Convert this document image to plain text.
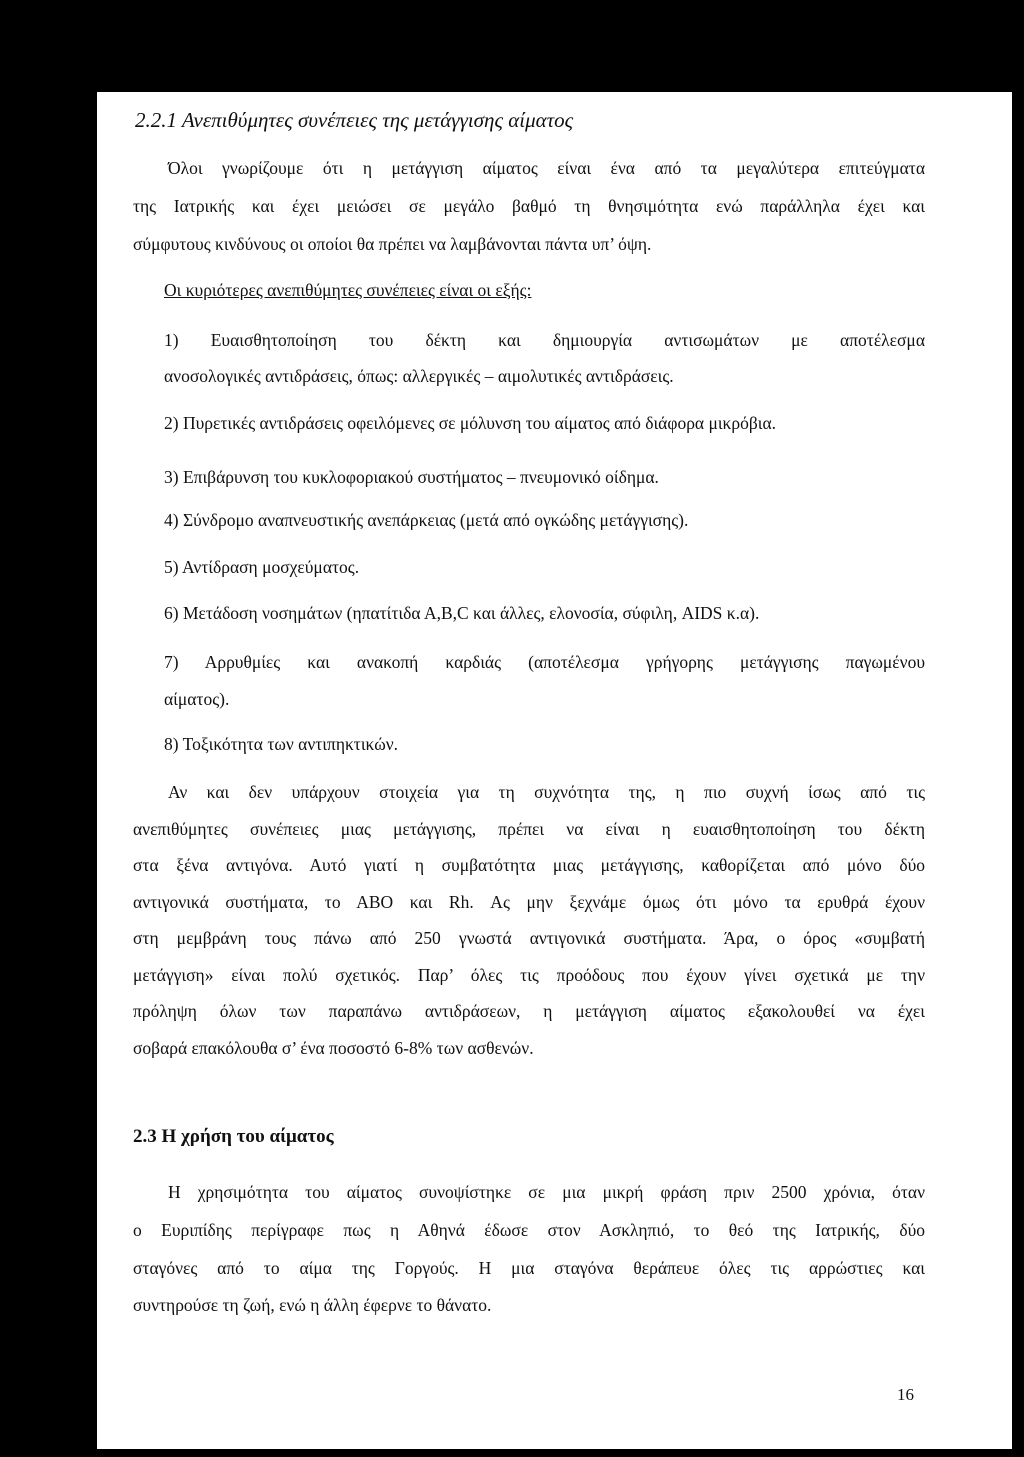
2.2.1 Ανεπιθύμητες συνέπειες της μετάγγισης αίματος
Όλοι γνωρίζουμε ότι η μετάγγιση αίματος είναι ένα από τα μεγαλύτερα επιτεύγματα
της Ιατρικής και έχει μειώσει σε μεγάλο βαθμό τη θνησιμότητα ενώ παράλληλα έχει και
σύμφυτους κινδύνους οι οποίοι θα πρέπει να λαμβάνονται πάντα υπ’ όψη.
Οι κυριότερες ανεπιθύμητες συνέπειες είναι οι εξής:
1) Ευαισθητοποίηση του δέκτη και δημιουργία αντισωμάτων με αποτέλεσμα
ανοσολογικές αντιδράσεις, όπως: αλλεργικές – αιμολυτικές αντιδράσεις.
2) Πυρετικές αντιδράσεις οφειλόμενες σε μόλυνση του αίματος από διάφορα μικρόβια.
3) Επιβάρυνση του κυκλοφοριακού συστήματος – πνευμονικό οίδημα.
4) Σύνδρομο αναπνευστικής ανεπάρκειας (μετά από ογκώδης μετάγγισης).
5) Αντίδραση μοσχεύματος.
6) Μετάδοση νοσημάτων (ηπατίτιδα Α,Β,C και άλλες, ελονοσία, σύφιλη, AIDS κ.α).
7) Αρρυθμίες και ανακοπή καρδιάς (αποτέλεσμα γρήγορης μετάγγισης παγωμένου
αίματος).
8) Τοξικότητα των αντιπηκτικών.
Αν και δεν υπάρχουν στοιχεία για τη συχνότητα της, η πιο συχνή ίσως από τις
ανεπιθύμητες συνέπειες μιας μετάγγισης, πρέπει να είναι η ευαισθητοποίηση του δέκτη
στα ξένα αντιγόνα. Αυτό γιατί η συμβατότητα μιας μετάγγισης, καθορίζεται από μόνο δύο
αντιγονικά συστήματα, το ΑΒΟ και Rh. Ας μην ξεχνάμε όμως ότι μόνο τα ερυθρά έχουν
στη μεμβράνη τους πάνω από 250 γνωστά αντιγονικά συστήματα. Άρα, ο όρος «συμβατή
μετάγγιση» είναι πολύ σχετικός. Παρ’ όλες τις προόδους που έχουν γίνει σχετικά με την
πρόληψη όλων των παραπάνω αντιδράσεων, η μετάγγιση αίματος εξακολουθεί να έχει
σοβαρά επακόλουθα σ’ ένα ποσοστό 6-8% των ασθενών.
2.3 Η χρήση του αίματος
Η χρησιμότητα του αίματος συνοψίστηκε σε μια μικρή φράση πριν 2500 χρόνια, όταν
ο Ευριπίδης περίγραφε πως η Αθηνά έδωσε στον Ασκληπιό, το θεό της Ιατρικής, δύο
σταγόνες από το αίμα της Γοργούς. Η μια σταγόνα θεράπευε όλες τις αρρώστιες και
συντηρούσε τη ζωή, ενώ η άλλη έφερνε το θάνατο.
16
